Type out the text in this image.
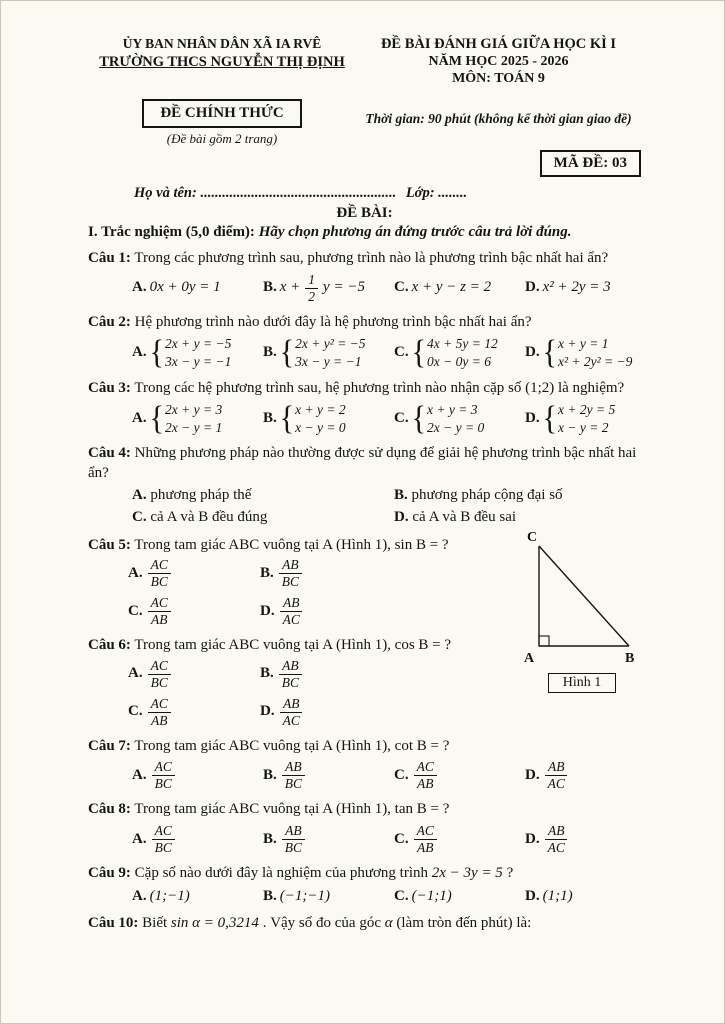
ỦY BAN NHÂN DÂN XÃ IA RVÊ
TRƯỜNG THCS NGUYỄN THỊ ĐỊNH
ĐỀ BÀI ĐÁNH GIÁ GIỮA HỌC KÌ I
NĂM HỌC 2025 - 2026
MÔN: TOÁN 9
ĐỀ CHÍNH THỨC
(Đề bài gồm 2 trang)
Thời gian: 90 phút (không kể thời gian giao đề)
MÃ ĐỀ: 03
Họ và tên: ...................................................... Lớp: ........
ĐỀ BÀI:
I. Trắc nghiệm (5,0 điểm): Hãy chọn phương án đứng trước câu trả lời đúng.
Câu 1: Trong các phương trình sau, phương trình nào là phương trình bậc nhất hai ẩn?
A. 0x + 0y = 1	B. $x + \frac{1}{2}$ y = −5 C. x + y − z = 2 D. x² + 2y = 3
Câu 2: Hệ phương trình nào dưới đây là hệ phương trình bậc nhất hai ẩn?
A. { 2x + y = −5
3x − y = −1
B. { 2x + y² = −5
3x − y = −1
C. { 4x + 5y = 12
0x − 0y = 6
D. { x + y = 1
x² + 2y² = −9
Câu 3: Trong các hệ phương trình sau, hệ phương trình nào nhận cặp số (1;2) là nghiệm?
A. { 2x + y = 3
2x − y = 1
B. { x + y = 2
x − y = 0
C. { x + y = 3
2x − y = 0
D. { x + 2y = 5
x − y = 2
Câu 4: Những phương pháp nào thường được sử dụng để giải hệ phương trình bậc nhất hai ẩn?
A. phương pháp thế	B. phương pháp cộng đại số
C. cả A và B đều đúng	D. cả A và B đều sai
C
A	B
Hình 1
Câu 5: Trong tam giác ABC vuông tại A (Hình 1), sin B = ?
A. $\frac{AC}{BC}$	B. $\frac{AB}{BC}$
C. $\frac{AC}{AB}$	D. $\frac{AB}{AC}$
Câu 6: Trong tam giác ABC vuông tại A (Hình 1), cos B = ?
A. $\frac{AC}{BC}$	B. $\frac{AB}{BC}$
C. $\frac{AC}{AB}$	D. $\frac{AB}{AC}$
Câu 7: Trong tam giác ABC vuông tại A (Hình 1), cot B = ?
A. $\frac{AC}{BC}$	B. $\frac{AB}{BC}$	C. $\frac{AC}{AB}$	D. $\frac{AB}{AC}$
Câu 8: Trong tam giác ABC vuông tại A (Hình 1), tan B = ?
A. $\frac{AC}{BC}$	B. $\frac{AB}{BC}$	C. $\frac{AC}{AB}$	D. $\frac{AB}{AC}$
Câu 9: Cặp số nào dưới đây là nghiệm của phương trình 2x − 3y = 5 ?
A. (1;−1)	B. (−1;−1)	C. (−1;1)	D. (1;1)
Câu 10: Biết sin α = 0,3214 . Vậy số đo của góc α (làm tròn đến phút) là:
